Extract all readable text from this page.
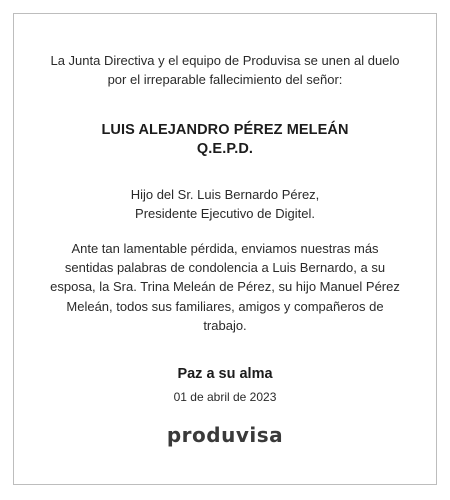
La Junta Directiva y el equipo de Produvisa se unen al duelo
por el irreparable fallecimiento del señor:
LUIS ALEJANDRO PÉREZ MELEÁN
Q.E.P.D.
Hijo del Sr. Luis Bernardo Pérez,
Presidente Ejecutivo de Digitel.
Ante tan lamentable pérdida, enviamos nuestras más
sentidas palabras de condolencia a Luis Bernardo, a su
esposa, la Sra. Trina Meleán de Pérez, su hijo Manuel Pérez
Meleán, todos sus familiares, amigos y compañeros de
trabajo.
Paz a su alma
01 de abril de 2023
produvisa
